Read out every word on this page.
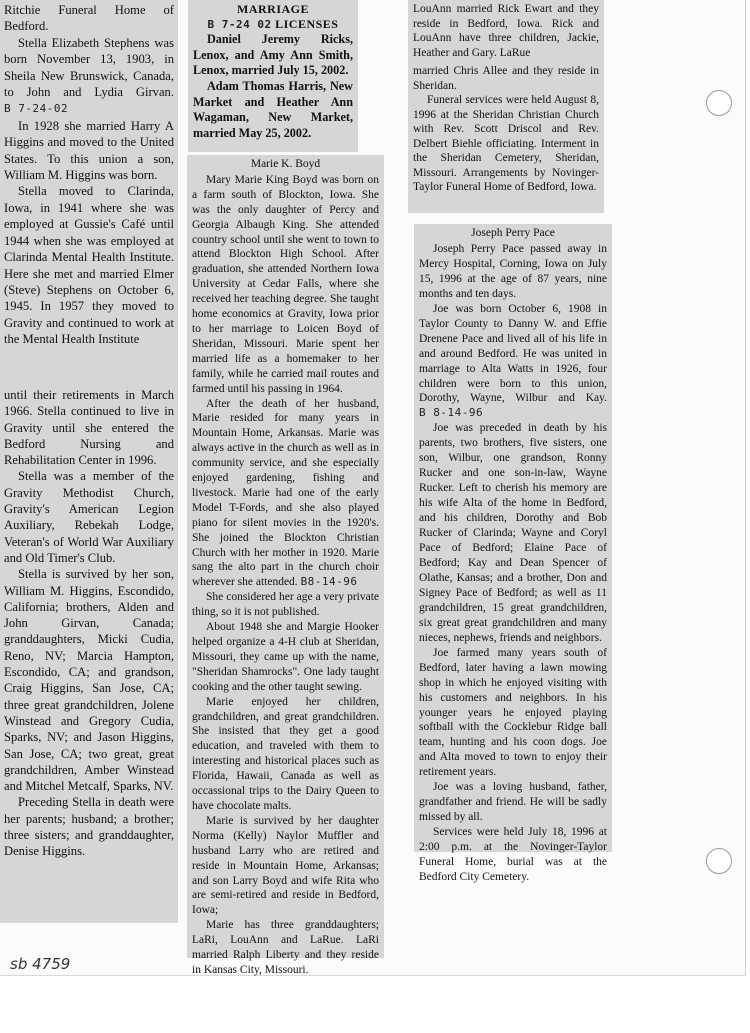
Ritchie Funeral Home of Bedford.

Stella Elizabeth Stephens was born November 13, 1903, in Sheila New Brunswick, Canada, to John and Lydia Girvan. B 7-24-02

In 1928 she married Harry A Higgins and moved to the United States. To this union a son, William M. Higgins was born.

Stella moved to Clarinda, Iowa, in 1941 where she was employed at Gussie's Café until 1944 when she was employed at Clarinda Mental Health Institute. Here she met and married Elmer (Steve) Stephens on October 6, 1945. In 1957 they moved to Gravity and continued to work at the Mental Health Institute

until their retirements in March 1966. Stella continued to live in Gravity until she entered the Bedford Nursing and Rehabilitation Center in 1996.

Stella was a member of the Gravity Methodist Church, Gravity's American Legion Auxiliary, Rebekah Lodge, Veteran's of World War Auxiliary and Old Timer's Club.

Stella is survived by her son, William M. Higgins, Escondido, California; brothers, Alden and John Girvan, Canada; granddaughters, Micki Cudia, Reno, NV; Marcia Hampton, Escondido, CA; and grandson, Craig Higgins, San Jose, CA; three great grandchildren, Jolene Winstead and Gregory Cudia, Sparks, NV; and Jason Higgins, San Jose, CA; two great, great grandchildren, Amber Winstead and Mitchel Metcalf, Sparks, NV.

Preceding Stella in death were her parents; husband; a brother; three sisters; and granddaughter, Denise Higgins.

MARRIAGE
B 7-24 02 LICENSES

Daniel Jeremy Ricks, Lenox, and Amy Ann Smith, Lenox, married July 15, 2002.

Adam Thomas Harris, New Market and Heather Ann Wagaman, New Market, married May 25, 2002.

Marie K. Boyd

Mary Marie King Boyd was born on a farm south of Blockton, Iowa. She was the only daughter of Percy and Georgia Albaugh King. She attended country school until she went to town to attend Blockton High School. After graduation, she attended Northern Iowa University at Cedar Falls, where she received her teaching degree. She taught home economics at Gravity, Iowa prior to her marriage to Loicen Boyd of Sheridan, Missouri. Marie spent her married life as a homemaker to her family, while he carried mail routes and farmed until his passing in 1964.

After the death of her husband, Marie resided for many years in Mountain Home, Arkansas. Marie was always active in the church as well as in community service, and she especially enjoyed gardening, fishing and livestock. Marie had one of the early Model T-Fords, and she also played piano for silent movies in the 1920's. She joined the Blockton Christian Church with her mother in 1920. Marie sang the alto part in the church choir wherever she attended. B8-14-96

She considered her age a very private thing, so it is not published.

About 1948 she and Margie Hooker helped organize a 4-H club at Sheridan, Missouri, they came up with the name, "Sheridan Shamrocks". One lady taught cooking and the other taught sewing.

Marie enjoyed her children, grandchildren, and great grandchildren. She insisted that they get a good education, and traveled with them to interesting and historical places such as Florida, Hawaii, Canada as well as occassional trips to the Dairy Queen to have chocolate malts.

Marie is survived by her daughter Norma (Kelly) Naylor Muffler and husband Larry who are retired and reside in Mountain Home, Arkansas; and son Larry Boyd and wife Rita who are semi-retired and reside in Bedford, Iowa;

Marie has three granddaughters; LaRi, LouAnn and LaRue. LaRi married Ralph Liberty and they reside in Kansas City, Missouri.

LouAnn married Rick Ewart and they reside in Bedford, Iowa. Rick and LouAnn have three children, Jackie, Heather and Gary. LaRue

married Chris Allee and they reside in Sheridan.

Funeral services were held August 8, 1996 at the Sheridan Christian Church with Rev. Scott Driscol and Rev. Delbert Biehle officiating. Interment in the Sheridan Cemetery, Sheridan, Missouri. Arrangements by Novinger-Taylor Funeral Home of Bedford, Iowa.

Joseph Perry Pace

Joseph Perry Pace passed away in Mercy Hospital, Corning, Iowa on July 15, 1996 at the age of 87 years, nine months and ten days.

Joe was born October 6, 1908 in Taylor County to Danny W. and Effie Drenene Pace and lived all of his life in and around Bedford. He was united in marriage to Alta Watts in 1926, four children were born to this union, Dorothy, Wayne, Wilbur and Kay. B 8-14-96

Joe was preceded in death by his parents, two brothers, five sisters, one son, Wilbur, one grandson, Ronny Rucker and one son-in-law, Wayne Rucker. Left to cherish his memory are his wife Alta of the home in Bedford, and his children, Dorothy and Bob Rucker of Clarinda; Wayne and Coryl Pace of Bedford; Elaine Pace of Bedford; Kay and Dean Spencer of Olathe, Kansas; and a brother, Don and Signey Pace of Bedford; as well as 11 grandchildren, 15 great grandchildren, six great great grandchildren and many nieces, nephews, friends and neighbors.

Joe farmed many years south of Bedford, later having a lawn mowing shop in which he enjoyed visiting with his customers and neighbors. In his younger years he enjoyed playing softball with the Cocklebur Ridge ball team, hunting and his coon dogs. Joe and Alta moved to town to enjoy their retirement years.

Joe was a loving husband, father, grandfather and friend. He will be sadly missed by all.

Services were held July 18, 1996 at 2:00 p.m. at the Novinger-Taylor Funeral Home, burial was at the Bedford City Cemetery.

sb 4759
